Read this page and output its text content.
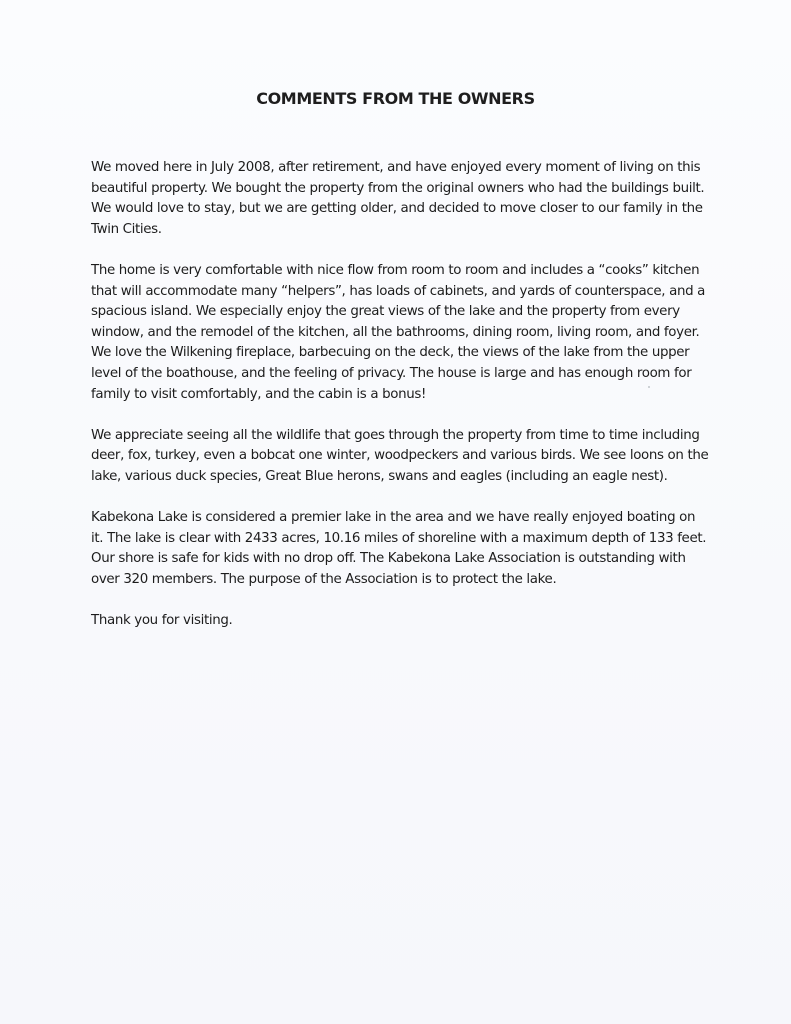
COMMENTS FROM THE OWNERS

We moved here in July 2008, after retirement, and have enjoyed every moment of living on this beautiful property. We bought the property from the original owners who had the buildings built. We would love to stay, but we are getting older, and decided to move closer to our family in the Twin Cities.

The home is very comfortable with nice flow from room to room and includes a “cooks” kitchen that will accommodate many “helpers”, has loads of cabinets, and yards of counterspace, and a spacious island. We especially enjoy the great views of the lake and the property from every window, and the remodel of the kitchen, all the bathrooms, dining room, living room, and foyer. We love the Wilkening fireplace, barbecuing on the deck, the views of the lake from the upper level of the boathouse, and the feeling of privacy. The house is large and has enough room for family to visit comfortably, and the cabin is a bonus!

We appreciate seeing all the wildlife that goes through the property from time to time including deer, fox, turkey, even a bobcat one winter, woodpeckers and various birds. We see loons on the lake, various duck species, Great Blue herons, swans and eagles (including an eagle nest).

Kabekona Lake is considered a premier lake in the area and we have really enjoyed boating on it. The lake is clear with 2433 acres, 10.16 miles of shoreline with a maximum depth of 133 feet. Our shore is safe for kids with no drop off. The Kabekona Lake Association is outstanding with over 320 members. The purpose of the Association is to protect the lake.

Thank you for visiting.
